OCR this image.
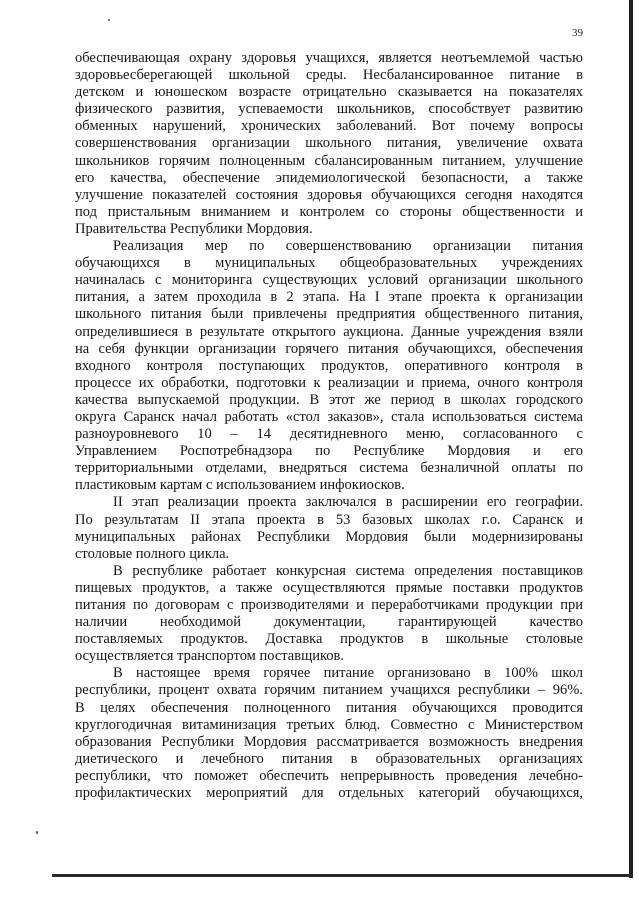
39
обеспечивающая охрану здоровья учащихся, является неотъемлемой частью
здоровьесберегающей школьной среды. Несбалансированное питание в
детском и юношеском возрасте отрицательно сказывается на показателях
физического развития, успеваемости школьников, способствует развитию
обменных нарушений, хронических заболеваний. Вот почему вопросы
совершенствования организации школьного питания, увеличение охвата
школьников горячим полноценным сбалансированным питанием, улучшение
его качества, обеспечение эпидемиологической безопасности, а также
улучшение показателей состояния здоровья обучающихся сегодня находятся
под пристальным вниманием и контролем со стороны общественности и
Правительства Республики Мордовия.
Реализация мер по совершенствованию организации питания
обучающихся в муниципальных общеобразовательных учреждениях
начиналась с мониторинга существующих условий организации школьного
питания, а затем проходила в 2 этапа. На I этапе проекта к организации
школьного питания были привлечены предприятия общественного питания,
определившиеся в результате открытого аукциона. Данные учреждения взяли
на себя функции организации горячего питания обучающихся, обеспечения
входного контроля поступающих продуктов, оперативного контроля в
процессе их обработки, подготовки к реализации и приема, очного контроля
качества выпускаемой продукции. В этот же период в школах городского
округа Саранск начал работать «стол заказов», стала использоваться система
разноуровневого 10 – 14 десятидневного меню, согласованного с
Управлением Роспотребнадзора по Республике Мордовия и его
территориальными отделами, внедряться система безналичной оплаты по
пластиковым картам с использованием инфокиосков.
II этап реализации проекта заключался в расширении его географии.
По результатам II этапа проекта в 53 базовых школах г.о. Саранск и
муниципальных районах Республики Мордовия были модернизированы
столовые полного цикла.
В республике работает конкурсная система определения поставщиков
пищевых продуктов, а также осуществляются прямые поставки продуктов
питания по договорам с производителями и переработчиками продукции при
наличии необходимой документации, гарантирующей качество
поставляемых продуктов. Доставка продуктов в школьные столовые
осуществляется транспортом поставщиков.
В настоящее время горячее питание организовано в 100% школ
республики, процент охвата горячим питанием учащихся республики – 96%.
В целях обеспечения полноценного питания обучающихся проводится
круглогодичная витаминизация третьих блюд. Совместно с Министерством
образования Республики Мордовия рассматривается возможность внедрения
диетического и лечебного питания в образовательных организациях
республики, что поможет обеспечить непрерывность проведения лечебно-
профилактических мероприятий для отдельных категорий обучающихся,
